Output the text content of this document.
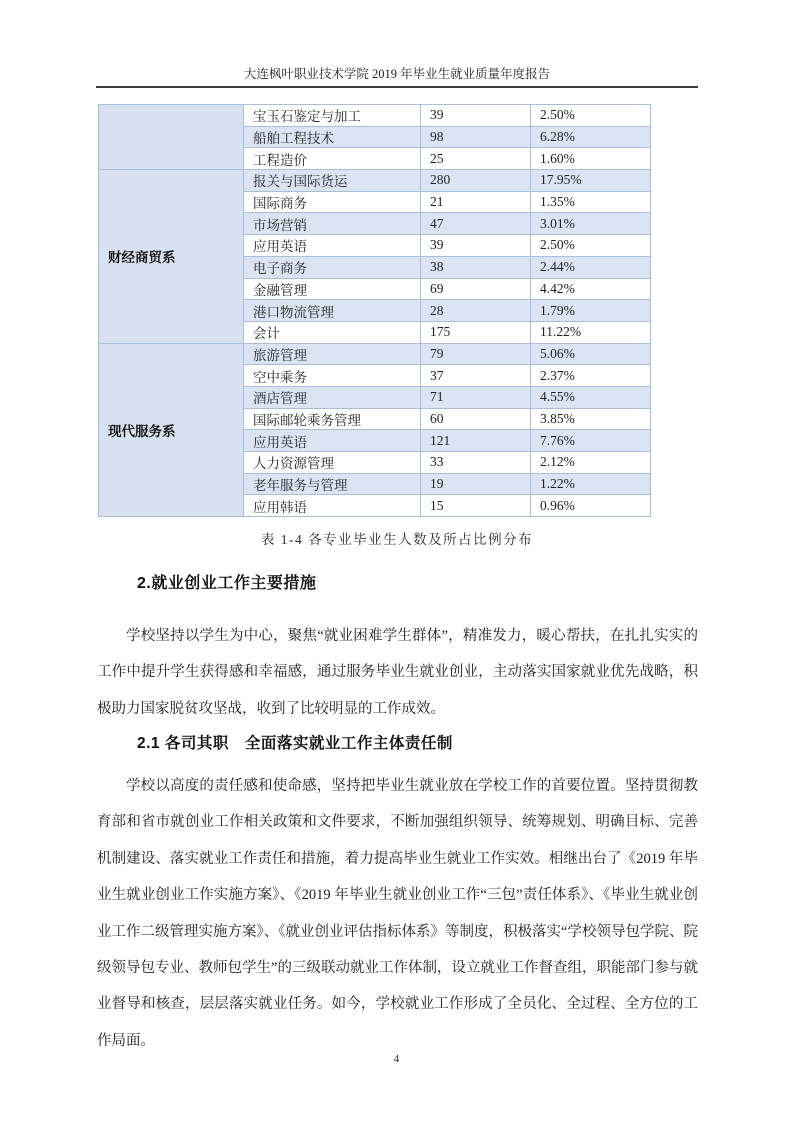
大连枫叶职业技术学院 2019 年毕业生就业质量年度报告
	宝玉石鉴定与加工	39	2.50%
	船舶工程技术	98	6.28%
	工程造价	25	1.60%
财经商贸系	报关与国际货运	280	17.95%
	国际商务	21	1.35%
	市场营销	47	3.01%
	应用英语	39	2.50%
	电子商务	38	2.44%
	金融管理	69	4.42%
	港口物流管理	28	1.79%
	会计	175	11.22%
现代服务系	旅游管理	79	5.06%
	空中乘务	37	2.37%
	酒店管理	71	4.55%
	国际邮轮乘务管理	60	3.85%
	应用英语	121	7.76%
	人力资源管理	33	2.12%
	老年服务与管理	19	1.22%
	应用韩语	15	0.96%
表 1-4 各专业毕业生人数及所占比例分布
2.就业创业工作主要措施
学校坚持以学生为中心，聚焦“就业困难学生群体”，精准发力，暖心帮扶，在扎扎实实的工作中提升学生获得感和幸福感，通过服务毕业生就业创业，主动落实国家就业优先战略，积极助力国家脱贫攻坚战，收到了比较明显的工作成效。
2.1 各司其职　全面落实就业工作主体责任制
学校以高度的责任感和使命感，坚持把毕业生就业放在学校工作的首要位置。坚持贯彻教育部和省市就创业工作相关政策和文件要求，不断加强组织领导、统筹规划、明确目标、完善机制建设、落实就业工作责任和措施，着力提高毕业生就业工作实效。相继出台了《2019 年毕业生就业创业工作实施方案》、《2019 年毕业生就业创业工作“三包”责任体系》、《毕业生就业创业工作二级管理实施方案》、《就业创业评估指标体系》等制度，积极落实“学校领导包学院、院级领导包专业、教师包学生”的三级联动就业工作体制，设立就业工作督查组，职能部门参与就业督导和核查，层层落实就业任务。如今，学校就业工作形成了全员化、全过程、全方位的工作局面。
4
